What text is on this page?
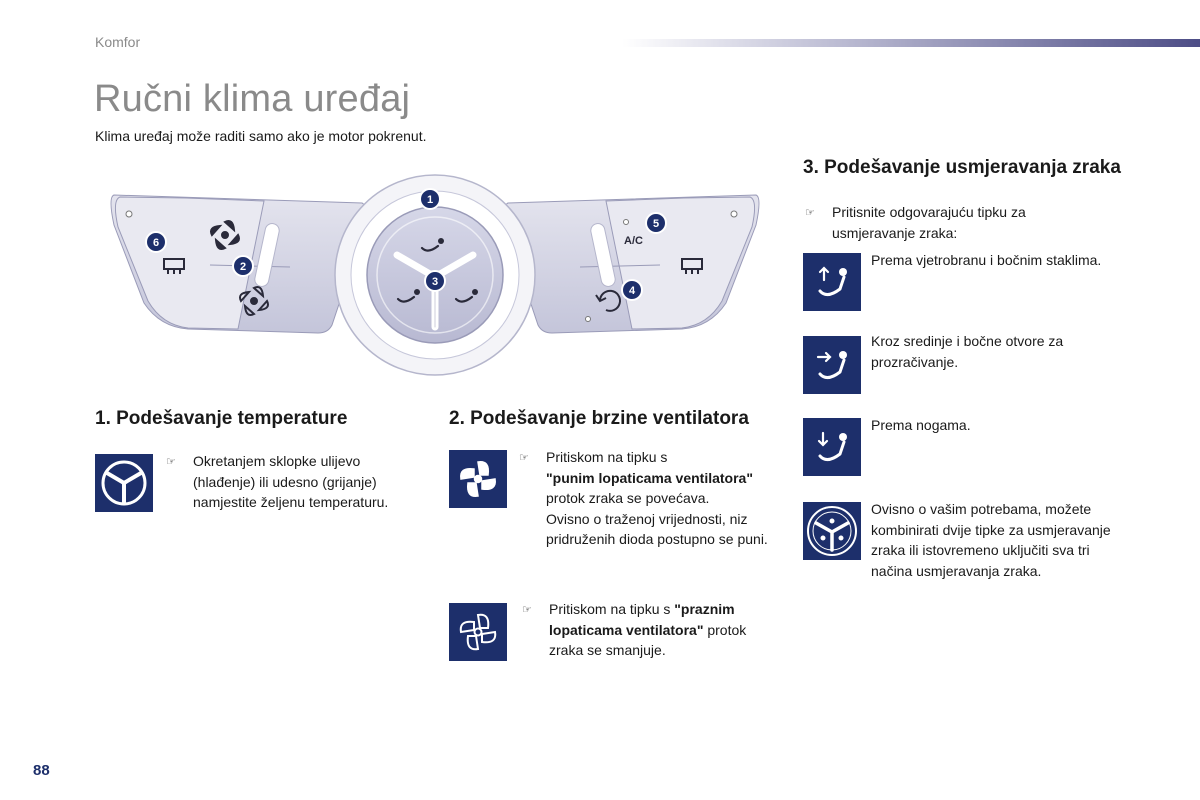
Komfor
Ručni klima uređaj
Klima uređaj može raditi samo ako je motor pokrenut.
A/C
1
2
3
4
5
6
1. Podešavanje temperature
☞ Okretanjem sklopke ulijevo (hlađenje) ili udesno (grijanje) namjestite željenu temperaturu.
2. Podešavanje brzine ventilatora
☞ Pritiskom na tipku s
"punim lopaticama ventilatora" protok zraka se povećava.
Ovisno o traženoj vrijednosti, niz pridruženih dioda postupno se puni.
☞ Pritiskom na tipku s "praznim lopaticama ventilatora" protok zraka se smanjuje.
3. Podešavanje usmjeravanja zraka
☞ Pritisnite odgovarajuću tipku za usmjeravanje zraka:
Prema vjetrobranu i bočnim staklima.
Kroz sredinje i bočne otvore za prozračivanje.
Prema nogama.
Ovisno o vašim potrebama, možete kombinirati dvije tipke za usmjeravanje zraka ili istovremeno uključiti sva tri načina usmjeravanja zraka.
88
